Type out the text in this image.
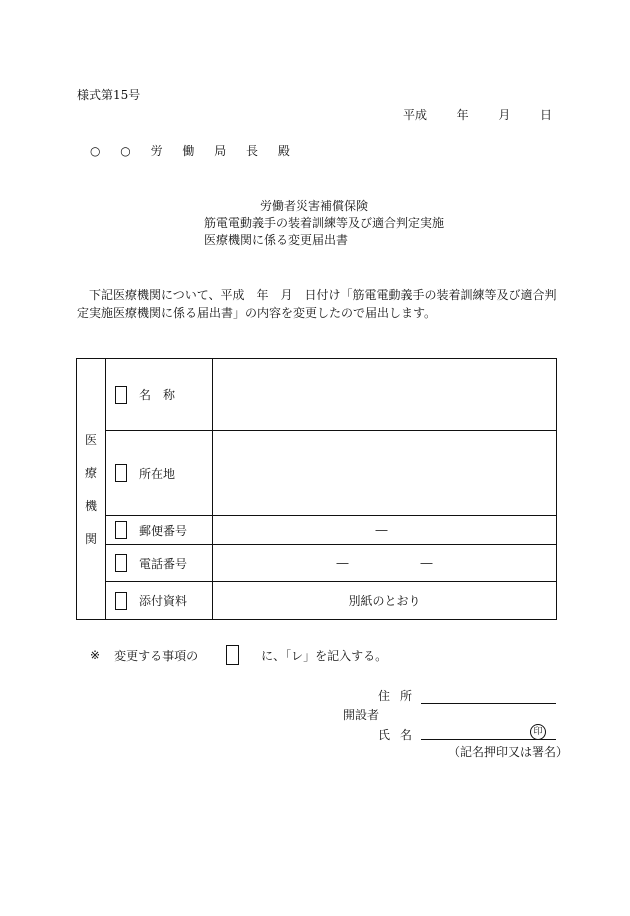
様式第15号
平成 年 月 日
○ ○ 労 働 局 長 殿
労働者災害補償保険
筋電電動義手の装着訓練等及び適合判定実施
医療機関に係る変更届出書
下記医療機関について、平成　年　月　日付け「筋電電動義手の装着訓練等及び適合判定実施医療機関に係る届出書」の内容を変更したので届出します。
医
療
機
関	名　称	

	所在地	

	郵便番号	―

	電話番号	― ―

	添付資料	別紙のとおり
※ 変更する事項の	に、「レ」を記入する。
住所
開設者
氏名	印
（記名押印又は署名）
